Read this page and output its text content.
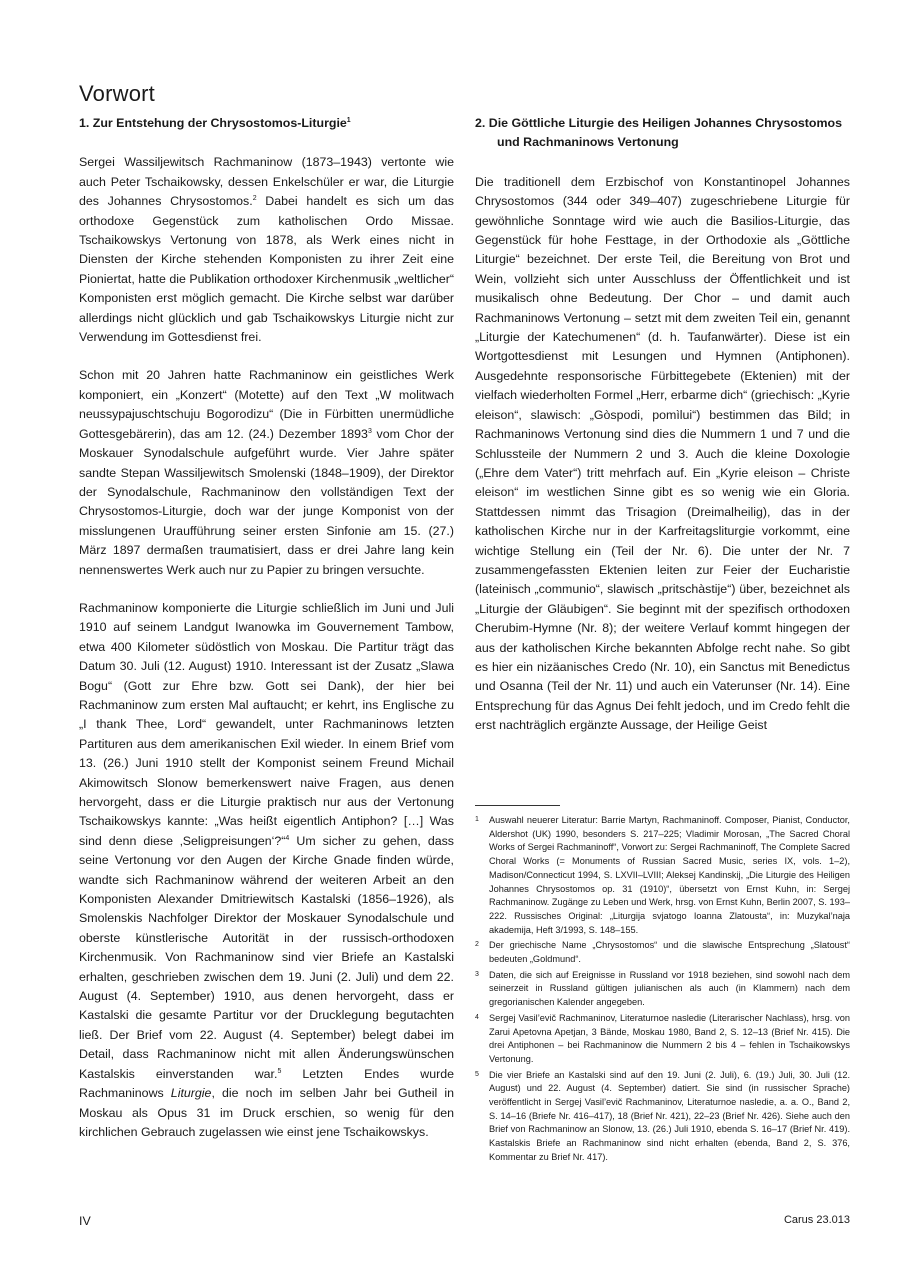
Vorwort
1. Zur Entstehung der Chrysostomos-Liturgie$^1$

Sergei Wassiljewitsch Rachmaninow (1873–1943) vertonte wie auch Peter Tschaikowsky, dessen Enkelschüler er war, die Liturgie des Johannes Chrysostomos.$^2$ Dabei handelt es sich um das orthodoxe Gegenstück zum katholischen Ordo Missae. Tschaikowskys Vertonung von 1878, als Werk eines nicht in Diensten der Kirche stehenden Komponisten zu ihrer Zeit eine Pioniertat, hatte die Publikation orthodoxer Kirchenmusik „weltlicher“ Komponisten erst möglich gemacht. Die Kirche selbst war darüber allerdings nicht glücklich und gab Tschaikowskys Liturgie nicht zur Verwendung im Gottesdienst frei.

Schon mit 20 Jahren hatte Rachmaninow ein geistliches Werk komponiert, ein „Konzert“ (Motette) auf den Text „W molitwach neussypajuschtschuju Bogorodizu“ (Die in Fürbitten unermüdliche Gottesgebärerin), das am 12. (24.) Dezember 1893$^3$ vom Chor der Moskauer Synodalschule aufgeführt wurde. Vier Jahre später sandte Stepan Wassiljewitsch Smolenski (1848–1909), der Direktor der Synodalschule, Rachmaninow den vollständigen Text der Chrysostomos-Liturgie, doch war der junge Komponist von der misslungenen Uraufführung seiner ersten Sinfonie am 15. (27.) März 1897 dermaßen traumatisiert, dass er drei Jahre lang kein nennenswertes Werk auch nur zu Papier zu bringen versuchte.

Rachmaninow komponierte die Liturgie schließlich im Juni und Juli 1910 auf seinem Landgut Iwanowka im Gouvernement Tambow, etwa 400 Kilometer südöstlich von Moskau. Die Partitur trägt das Datum 30. Juli (12. August) 1910. Interessant ist der Zusatz „Slawa Bogu“ (Gott zur Ehre bzw. Gott sei Dank), der hier bei Rachmaninow zum ersten Mal auftaucht; er kehrt, ins Englische zu „I thank Thee, Lord“ gewandelt, unter Rachmaninows letzten Partituren aus dem amerikanischen Exil wieder. In einem Brief vom 13. (26.) Juni 1910 stellt der Komponist seinem Freund Michail Akimowitsch Slonow bemerkenswert naive Fragen, aus denen hervorgeht, dass er die Liturgie praktisch nur aus der Vertonung Tschaikowskys kannte: „Was heißt eigentlich Antiphon? […] Was sind denn diese ‚Seligpreisungen‘?“$^4$ Um sicher zu gehen, dass seine Vertonung vor den Augen der Kirche Gnade finden würde, wandte sich Rachmaninow während der weiteren Arbeit an den Komponisten Alexander Dmitriewitsch Kastalski (1856–1926), als Smolenskis Nachfolger Direktor der Moskauer Synodalschule und oberste künstlerische Autorität in der russisch-orthodoxen Kirchenmusik. Von Rachmaninow sind vier Briefe an Kastalski erhalten, geschrieben zwischen dem 19. Juni (2. Juli) und dem 22. August (4. September) 1910, aus denen hervorgeht, dass er Kastalski die gesamte Partitur vor der Drucklegung begutachten ließ. Der Brief vom 22. August (4. September) belegt dabei im Detail, dass Rachmaninow nicht mit allen Änderungswünschen Kastalskis einverstanden war.$^5$ Letzten Endes wurde Rachmaninows Liturgie, die noch im selben Jahr bei Gutheil in Moskau als Opus 31 im Druck erschien, so wenig für den kirchlichen Gebrauch zugelassen wie einst jene Tschaikowskys.

2. Die Göttliche Liturgie des Heiligen Johannes Chrysostomos und Rachmaninows Vertonung

Die traditionell dem Erzbischof von Konstantinopel Johannes Chrysostomos (344 oder 349–407) zugeschriebene Liturgie für gewöhnliche Sonntage wird wie auch die Basilios-Liturgie, das Gegenstück für hohe Festtage, in der Orthodoxie als „Göttliche Liturgie“ bezeichnet. Der erste Teil, die Bereitung von Brot und Wein, vollzieht sich unter Ausschluss der Öffentlichkeit und ist musikalisch ohne Bedeutung. Der Chor – und damit auch Rachmaninows Vertonung – setzt mit dem zweiten Teil ein, genannt „Liturgie der Katechumenen“ (d. h. Taufanwärter). Diese ist ein Wortgottesdienst mit Lesungen und Hymnen (Antiphonen). Ausgedehnte responsorische Fürbittegebete (Ektenien) mit der vielfach wiederholten Formel „Herr, erbarme dich“ (griechisch: „Kyrie eleison“, slawisch: „Gòspodi, pomìlui“) bestimmen das Bild; in Rachmaninows Vertonung sind dies die Nummern 1 und 7 und die Schlussteile der Nummern 2 und 3. Auch die kleine Doxologie („Ehre dem Vater“) tritt mehrfach auf. Ein „Kyrie eleison – Christe eleison“ im westlichen Sinne gibt es so wenig wie ein Gloria. Stattdessen nimmt das Trisagion (Dreimalheilig), das in der katholischen Kirche nur in der Karfreitagsliturgie vorkommt, eine wichtige Stellung ein (Teil der Nr. 6). Die unter der Nr. 7 zusammengefassten Ektenien leiten zur Feier der Eucharistie (lateinisch „communio“, slawisch „pritschàstije“) über, bezeichnet als „Liturgie der Gläubigen“. Sie beginnt mit der spezifisch orthodoxen Cherubim-Hymne (Nr. 8); der weitere Verlauf kommt hingegen der aus der katholischen Kirche bekannten Abfolge recht nahe. So gibt es hier ein nizäanisches Credo (Nr. 10), ein Sanctus mit Benedictus und Osanna (Teil der Nr. 11) und auch ein Vaterunser (Nr. 14). Eine Entsprechung für das Agnus Dei fehlt jedoch, und im Credo fehlt die erst nachträglich ergänzte Aussage, der Heilige Geist

1 Auswahl neuerer Literatur: Barrie Martyn, Rachmaninoff. Composer, Pianist, Conductor, Aldershot (UK) 1990, besonders S. 217–225; Vladimir Morosan, „The Sacred Choral Works of Sergei Rachmaninoff“, Vorwort zu: Sergei Rachmaninoff, The Complete Sacred Choral Works (= Monuments of Russian Sacred Music, series IX, vols. 1–2), Madison/Connecticut 1994, S. LXVII–LVIII; Aleksej Kandinskij, „Die Liturgie des Heiligen Johannes Chrysostomos op. 31 (1910)“, übersetzt von Ernst Kuhn, in: Sergej Rachmaninow. Zugänge zu Leben und Werk, hrsg. von Ernst Kuhn, Berlin 2007, S. 193–222. Russisches Original: „Liturgija svjatogo Ioanna Zlatousta“, in: Muzykal’naja akademija, Heft 3/1993, S. 148–155.
2 Der griechische Name „Chrysostomos“ und die slawische Entsprechung „Slatoust“ bedeuten „Goldmund“.
3 Daten, die sich auf Ereignisse in Russland vor 1918 beziehen, sind sowohl nach dem seinerzeit in Russland gültigen julianischen als auch (in Klammern) nach dem gregorianischen Kalender angegeben.
4 Sergej Vasil’evič Rachmaninov, Literaturnoe nasledie (Literarischer Nachlass), hrsg. von Zarui Apetovna Apetjan, 3 Bände, Moskau 1980, Band 2, S. 12–13 (Brief Nr. 415). Die drei Antiphonen – bei Rachmaninow die Nummern 2 bis 4 – fehlen in Tschaikowskys Vertonung.
5 Die vier Briefe an Kastalski sind auf den 19. Juni (2. Juli), 6. (19.) Juli, 30. Juli (12. August) und 22. August (4. September) datiert. Sie sind (in russischer Sprache) veröffentlicht in Sergej Vasil’evič Rachmaninov, Literaturnoe nasledie, a. a. O., Band 2, S. 14–16 (Briefe Nr. 416–417), 18 (Brief Nr. 421), 22–23 (Brief Nr. 426). Siehe auch den Brief von Rachmaninow an Slonow, 13. (26.) Juli 1910, ebenda S. 16–17 (Brief Nr. 419). Kastalskis Briefe an Rachmaninow sind nicht erhalten (ebenda, Band 2, S. 376, Kommentar zu Brief Nr. 417).
IV	Carus 23.013
